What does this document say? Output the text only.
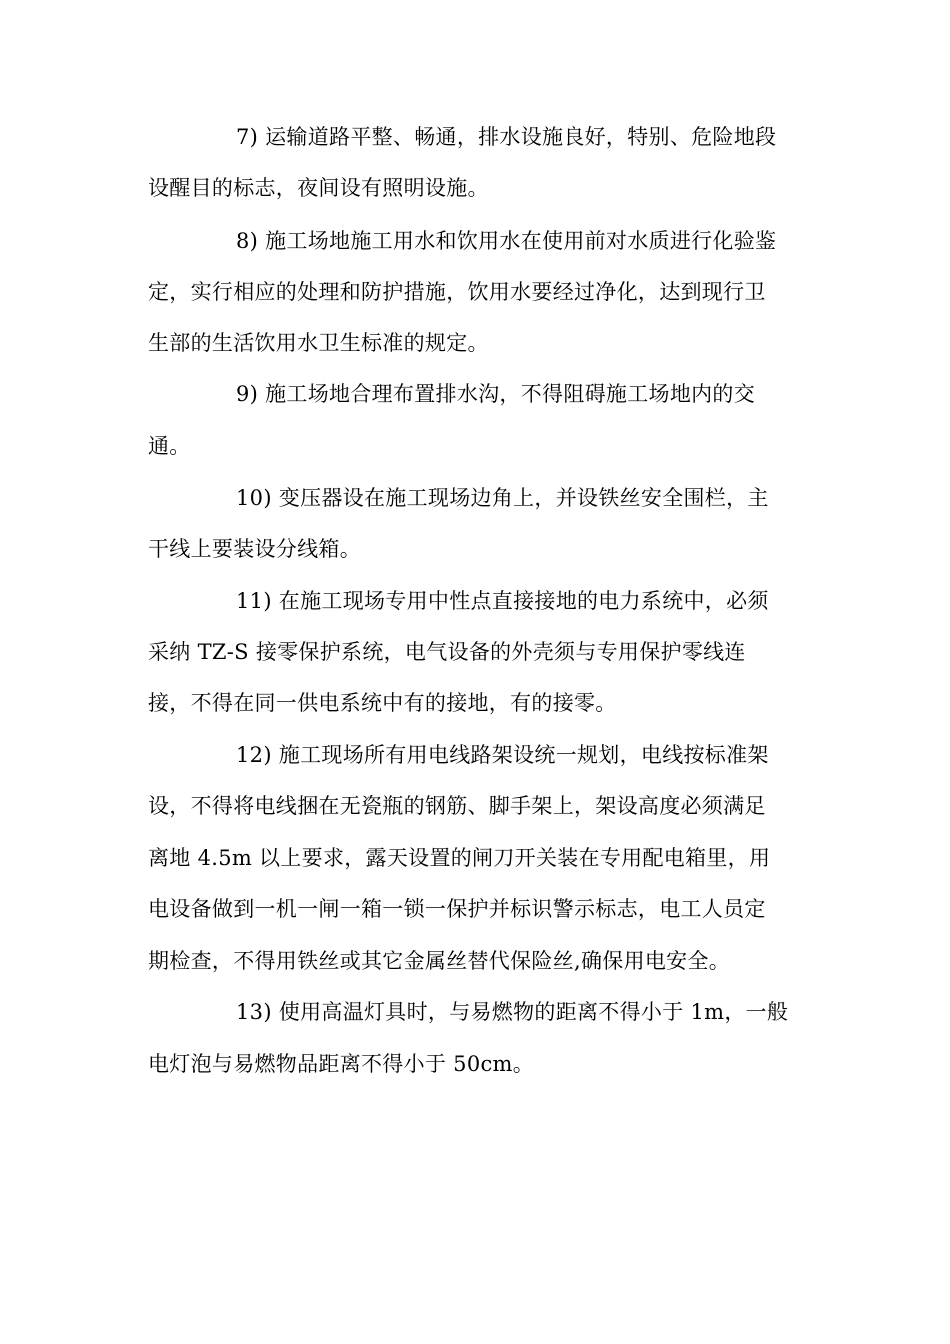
7) 运输道路平整、畅通，排水设施良好，特别、危险地段
设醒目的标志，夜间设有照明设施。
8) 施工场地施工用水和饮用水在使用前对水质进行化验鉴
定，实行相应的处理和防护措施，饮用水要经过净化，达到现行卫
生部的生活饮用水卫生标准的规定。
9) 施工场地合理布置排水沟，不得阻碍施工场地内的交
通。
10) 变压器设在施工现场边角上，并设铁丝安全围栏，主
干线上要装设分线箱。
11) 在施工现场专用中性点直接接地的电力系统中，必须
采纳 TZ-S 接零保护系统，电气设备的外壳须与专用保护零线连
接，不得在同一供电系统中有的接地，有的接零。
12) 施工现场所有用电线路架设统一规划，电线按标准架
设，不得将电线捆在无瓷瓶的钢筋、脚手架上，架设高度必须满足
离地 4.5m 以上要求，露天设置的闸刀开关装在专用配电箱里，用
电设备做到一机一闸一箱一锁一保护并标识警示标志，电工人员定
期检查，不得用铁丝或其它金属丝替代保险丝,确保用电安全。
13) 使用高温灯具时，与易燃物的距离不得小于 1m，一般
电灯泡与易燃物品距离不得小于 50cm。
